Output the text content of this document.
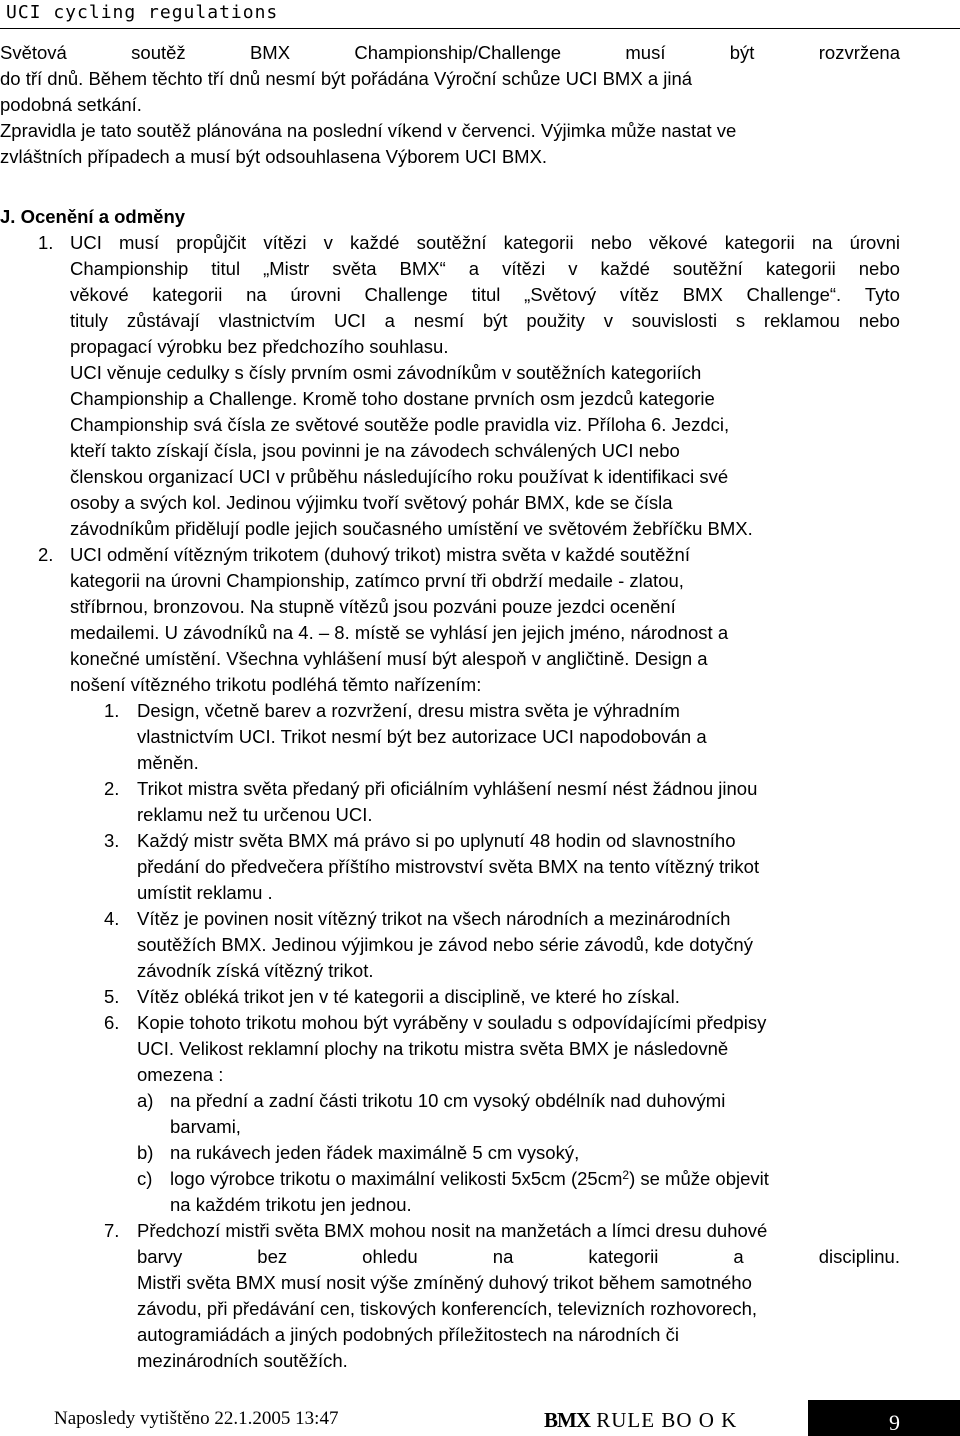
UCI cycling regulations
Světová	soutěž	BMX	Championship/Challenge	musí	být	rozvržena
do tří dnů. Během těchto tří dnů nesmí být pořádána Výroční schůze UCI BMX a jiná
podobná setkání.
Zpravidla je tato soutěž plánována na poslední víkend v červenci. Výjimka může nastat ve
zvláštních případech a musí být odsouhlasena Výborem UCI BMX.
J. Ocenění a odměny
1. UCI musí propůjčit vítězi v každé soutěžní kategorii nebo věkové kategorii na úrovni
Championship titul „Mistr světa BMX“ a vítězi v každé soutěžní kategorii nebo
věkové kategorii na úrovni Challenge titul „Světový vítěz BMX Challenge“. Tyto
tituly zůstávají vlastnictvím UCI a nesmí být použity v souvislosti s reklamou nebo
propagací výrobku bez předchozího souhlasu.
UCI věnuje cedulky s čísly prvním osmi závodníkům v soutěžních kategoriích
Championship a Challenge. Kromě toho dostane prvních osm jezdců kategorie
Championship svá čísla ze světové soutěže podle pravidla viz. Příloha 6. Jezdci,
kteří takto získají čísla, jsou povinni je na závodech schválených UCI nebo
členskou organizací UCI v průběhu následujícího roku používat k identifikaci své
osoby a svých kol. Jedinou výjimku tvoří světový pohár BMX, kde se čísla
závodníkům přidělují podle jejich současného umístění ve světovém žebříčku BMX.
2. UCI odmění vítězným trikotem (duhový trikot) mistra světa v každé soutěžní
kategorii na úrovni Championship, zatímco první tři obdrží medaile - zlatou,
stříbrnou, bronzovou. Na stupně vítězů jsou pozváni pouze jezdci ocenění
medailemi. U závodníků na 4. – 8. místě se vyhlásí jen jejich jméno, národnost a
konečné umístění. Všechna vyhlášení musí být alespoň v angličtině. Design a
nošení vítězného trikotu podléhá těmto nařízením:
1. Design, včetně barev a rozvržení, dresu mistra světa je výhradním
vlastnictvím UCI. Trikot nesmí být bez autorizace UCI napodobován a
měněn.
2. Trikot mistra světa předaný při oficiálním vyhlášení nesmí nést žádnou jinou
reklamu než tu určenou UCI.
3. Každý mistr světa BMX má právo si po uplynutí 48 hodin od slavnostního
předání do předvečera příštího mistrovství světa BMX na tento vítězný trikot
umístit reklamu .
4. Vítěz je povinen nosit vítězný trikot na všech národních a mezinárodních
soutěžích BMX. Jedinou výjimkou je závod nebo série závodů, kde dotyčný
závodník získá vítězný trikot.
5. Vítěz obléká trikot jen v té kategorii a disciplině, ve které ho získal.
6. Kopie tohoto trikotu mohou být vyráběny v souladu s odpovídajícími předpisy
UCI. Velikost reklamní plochy na trikotu mistra světa BMX je následovně
omezena :
a) na přední a zadní části trikotu 10 cm vysoký obdélník nad duhovými
barvami,
b) na rukávech jeden řádek maximálně 5 cm vysoký,
c) logo výrobce trikotu o maximální velikosti 5x5cm $(25cm^2)$ se může objevit
na každém trikotu jen jednou.
7. Předchozí mistři světa BMX mohou nosit na manžetách a límci dresu duhové
barvy	bez	ohledu	na	kategorii	a	disciplinu.
Mistři světa BMX musí nosit výše zmíněný duhový trikot během samotného
závodu, při předávání cen, tiskových konferencích, televizních rozhovorech,
autogramiádách a jiných podobných příležitostech na národních či
mezinárodních soutěžích.
Naposledy vytištěno 22.1.2005 13:47	BMX RULE BO O K	9
